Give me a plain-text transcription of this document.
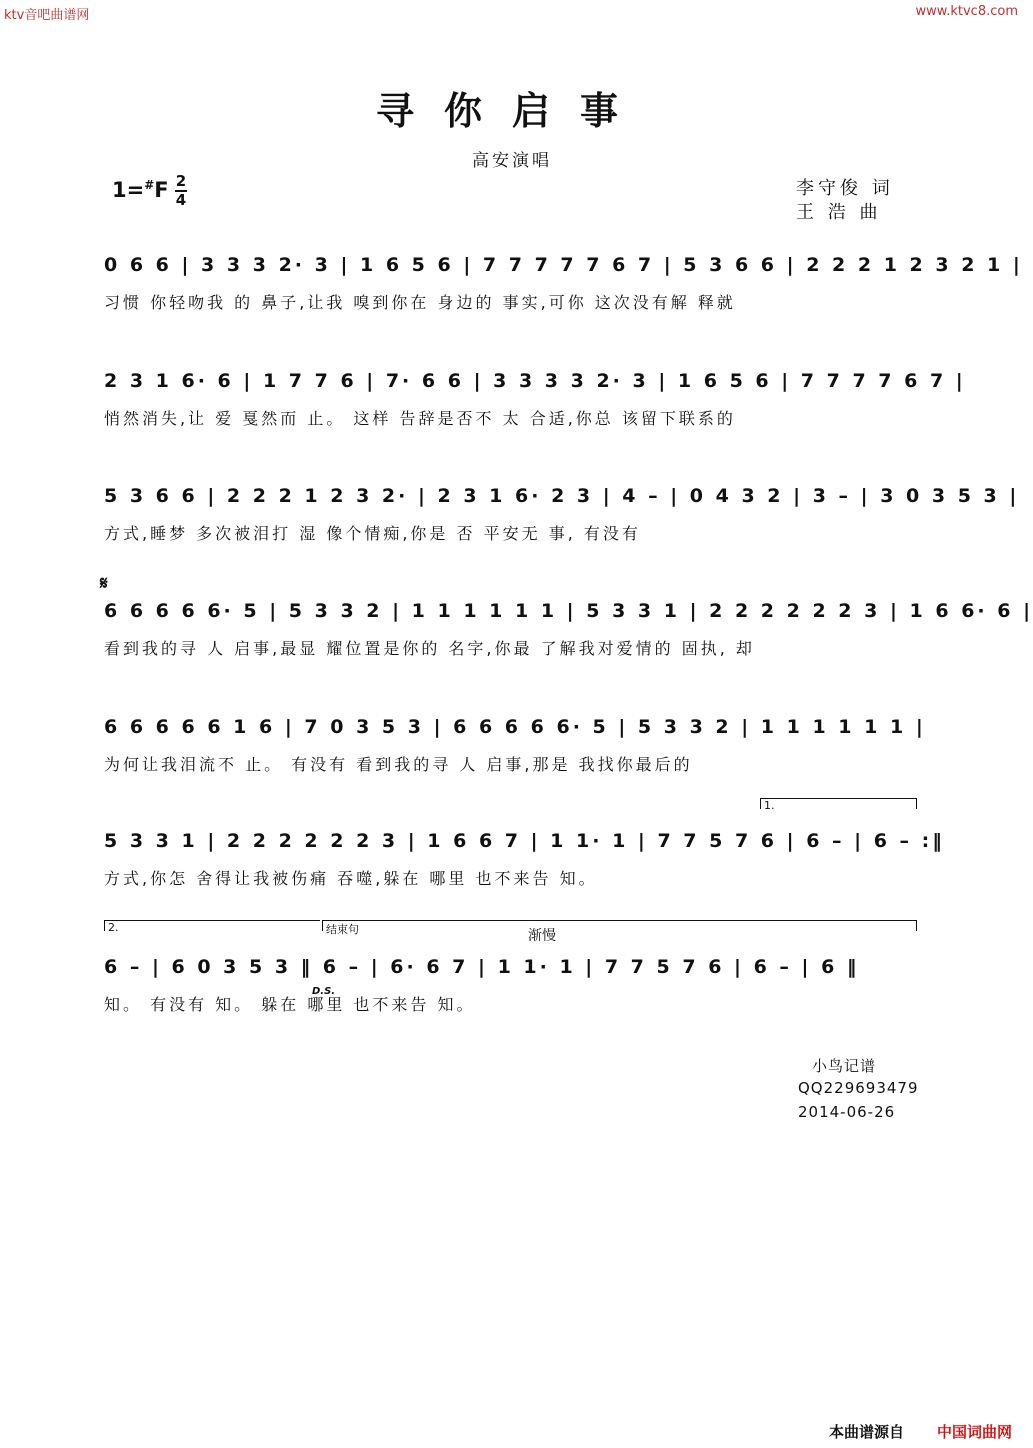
ktv音吧曲谱网	www.ktvc8.com
寻你启事
高安演唱
1=#F 2
4
李守俊 词
王 浩 曲
0 6 6 | 3 3 3 2· 3 | 1 6 5 6 | 7 7 7 7 7 6 7 | 5 3 6 6 | 2 2 2 1 2 3 2 1 |
习惯 你轻吻我 的 鼻子,让我 嗅到你在 身边的 事实,可你 这次没有解 释就
2 3 1 6· 6 | 1 7 7 6 | 7· 6 6 | 3 3 3 3 2· 3 | 1 6 5 6 | 7 7 7 7 6 7 |
悄然消失,让 爱 戛然而 止。 这样 告辞是否不 太 合适,你总 该留下联系的
5 3 6 6 | 2 2 2 1 2 3 2· | 2 3 1 6· 2 3 | 4 – | 0 4 3 2 | 3 – | 3 0 3 5 3 |
方式,睡梦 多次被泪打 湿 像个情痴,你是 否 平安无 事, 有没有
𝄋
6 6 6 6 6· 5 | 5 3 3 2 | 1 1 1 1 1 1 | 5 3 3 1 | 2 2 2 2 2 2 3 | 1 6 6· 6 |
看到我的寻 人 启事,最显 耀位置是你的 名字,你最 了解我对爱情的 固执, 却
6 6 6 6 6 1 6 | 7 0 3 5 3 | 6 6 6 6 6· 5 | 5 3 3 2 | 1 1 1 1 1 1 |
为何让我泪流不 止。 有没有 看到我的寻 人 启事,那是 我找你最后的
1.
5 3 3 1 | 2 2 2 2 2 2 3 | 1 6 6 7 | 1 1· 1 | 7 7 5 7 6 | 6 – | 6 – :‖
方式,你怎 舍得让我被伤痛 吞噬,躲在 哪里 也不来告 知。
2.	结束句	渐慢
D.S.
6 – | 6 0 3 5 3 ‖ 6 – | 6· 6 7 | 1 1· 1 | 7 7 5 7 6 | 6 – | 6 ‖
知。 有没有 知。 躲在 哪里 也不来告 知。
小鸟记谱
QQ229693479
2014-06-26
本曲谱源自 中国词曲网
